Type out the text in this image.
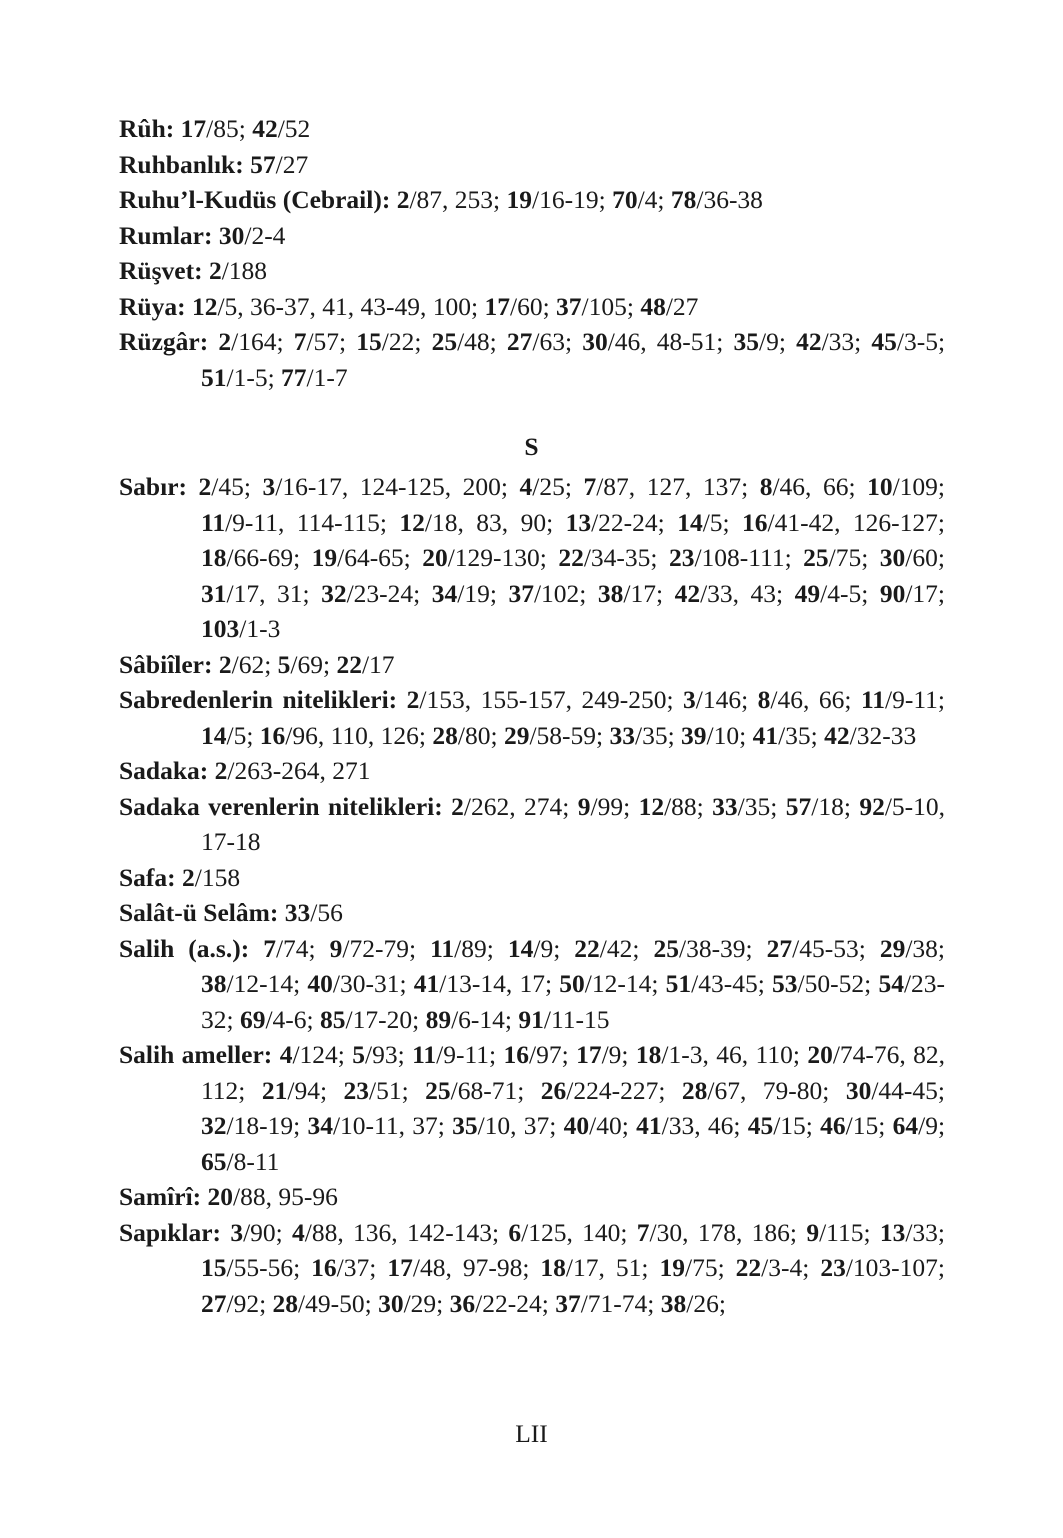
Rûh: 17/85; 42/52

Ruhbanlık: 57/27

Ruhu’l-Kudüs (Cebrail): 2/87, 253; 19/16-19; 70/4; 78/36-38

Rumlar: 30/2-4

Rüşvet: 2/188

Rüya: 12/5, 36-37, 41, 43-49, 100; 17/60; 37/105; 48/27

Rüzgâr: 2/164; 7/57; 15/22; 25/48; 27/63; 30/46, 48-51; 35/9; 42/33; 45/3-5; 51/1-5; 77/1-7

S

Sabır: 2/45; 3/16-17, 124-125, 200; 4/25; 7/87, 127, 137; 8/46, 66; 10/109; 11/9-11, 114-115; 12/18, 83, 90; 13/22-24; 14/5; 16/41-42, 126-127; 18/66-69; 19/64-65; 20/129-130; 22/34-35; 23/108-111; 25/75; 30/60; 31/17, 31; 32/23-24; 34/19; 37/102; 38/17; 42/33, 43; 49/4-5; 90/17; 103/1-3

Sâbiîler: 2/62; 5/69; 22/17

Sabredenlerin nitelikleri: 2/153, 155-157, 249-250; 3/146; 8/46, 66; 11/9-11; 14/5; 16/96, 110, 126; 28/80; 29/58-59; 33/35; 39/10; 41/35; 42/32-33

Sadaka: 2/263-264, 271

Sadaka verenlerin nitelikleri: 2/262, 274; 9/99; 12/88; 33/35; 57/18; 92/5-10, 17-18

Safa: 2/158

Salât-ü Selâm: 33/56

Salih (a.s.): 7/74; 9/72-79; 11/89; 14/9; 22/42; 25/38-39; 27/45-53; 29/38; 38/12-14; 40/30-31; 41/13-14, 17; 50/12-14; 51/43-45; 53/50-52; 54/23-32; 69/4-6; 85/17-20; 89/6-14; 91/11-15

Salih ameller: 4/124; 5/93; 11/9-11; 16/97; 17/9; 18/1-3, 46, 110; 20/74-76, 82, 112; 21/94; 23/51; 25/68-71; 26/224-227; 28/67, 79-80; 30/44-45; 32/18-19; 34/10-11, 37; 35/10, 37; 40/40; 41/33, 46; 45/15; 46/15; 64/9; 65/8-11

Samîrî: 20/88, 95-96

Sapıklar: 3/90; 4/88, 136, 142-143; 6/125, 140; 7/30, 178, 186; 9/115; 13/33; 15/55-56; 16/37; 17/48, 97-98; 18/17, 51; 19/75; 22/3-4; 23/103-107; 27/92; 28/49-50; 30/29; 36/22-24; 37/71-74; 38/26;

LII
